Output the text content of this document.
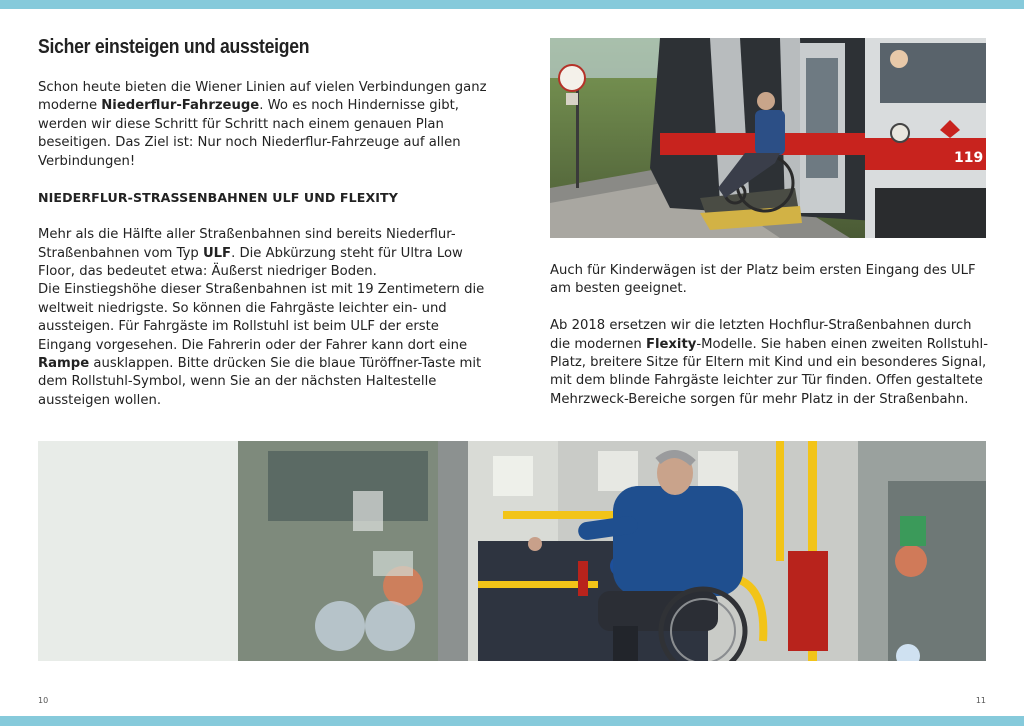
Sicher einsteigen und aussteigen

Schon heute bieten die Wiener Linien auf vielen Verbindungen ganz moderne Niederflur-Fahrzeuge. Wo es noch Hindernisse gibt, werden wir diese Schritt für Schritt nach einem genauen Plan beseitigen. Das Ziel ist: Nur noch Niederflur-Fahrzeuge auf allen Verbindungen!

NIEDERFLUR-STRASSENBAHNEN ULF UND FLEXITY

Mehr als die Hälfte aller Straßenbahnen sind bereits Niederflur-Straßenbahnen vom Typ ULF. Die Abkürzung steht für Ultra Low Floor, das bedeutet etwa: Äußerst niedriger Boden.

Die Einstiegshöhe dieser Straßenbahnen ist mit 19 Zentimetern die weltweit niedrigste. So können die Fahrgäste leichter ein- und aussteigen. Für Fahrgäste im Rollstuhl ist beim ULF der erste Eingang vorgesehen. Die Fahrerin oder der Fahrer kann dort eine Rampe ausklappen. Bitte drücken Sie die blaue Türöffner-Taste mit dem Rollstuhl-Symbol, wenn Sie an der nächsten Haltestelle aussteigen wollen.

119

Auch für Kinderwägen ist der Platz beim ersten Eingang des ULF am besten geeignet.

Ab 2018 ersetzen wir die letzten Hochflur-Straßenbahnen durch die modernen Flexity-Modelle. Sie haben einen zweiten Rollstuhl-Platz, breitere Sitze für Eltern mit Kind und ein besonderes Signal, mit dem blinde Fahrgäste leichter zur Tür finden. Offen gestaltete Mehrzweck-Bereiche sorgen für mehr Platz in der Straßenbahn.

10	11
